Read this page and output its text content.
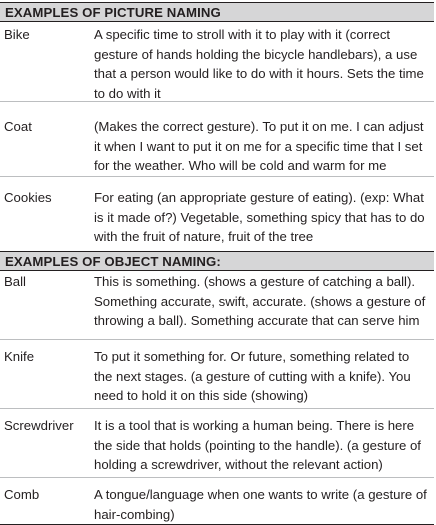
EXAMPLES OF PICTURE NAMING
Bike	A specific time to stroll with it to play with it (correct gesture of hands holding the bicycle handlebars), a use that a person would like to do with it hours. Sets the time to do with it
Coat	(Makes the correct gesture). To put it on me. I can adjust it when I want to put it on me for a specific time that I set for the weather. Who will be cold and warm for me
Cookies	For eating (an appropriate gesture of eating). (exp: What is it made of?) Vegetable, something spicy that has to do with the fruit of nature, fruit of the tree
EXAMPLES OF OBJECT NAMING:
Ball	This is something. (shows a gesture of catching a ball). Something accurate, swift, accurate. (shows a gesture of throwing a ball). Something accurate that can serve him
Knife	To put it something for. Or future, something related to the next stages. (a gesture of cutting with a knife). You need to hold it on this side (showing)
Screwdriver	It is a tool that is working a human being. There is here the side that holds (pointing to the handle). (a gesture of holding a screwdriver, without the relevant action)
Comb	A tongue/language when one wants to write (a gesture of hair-combing)
